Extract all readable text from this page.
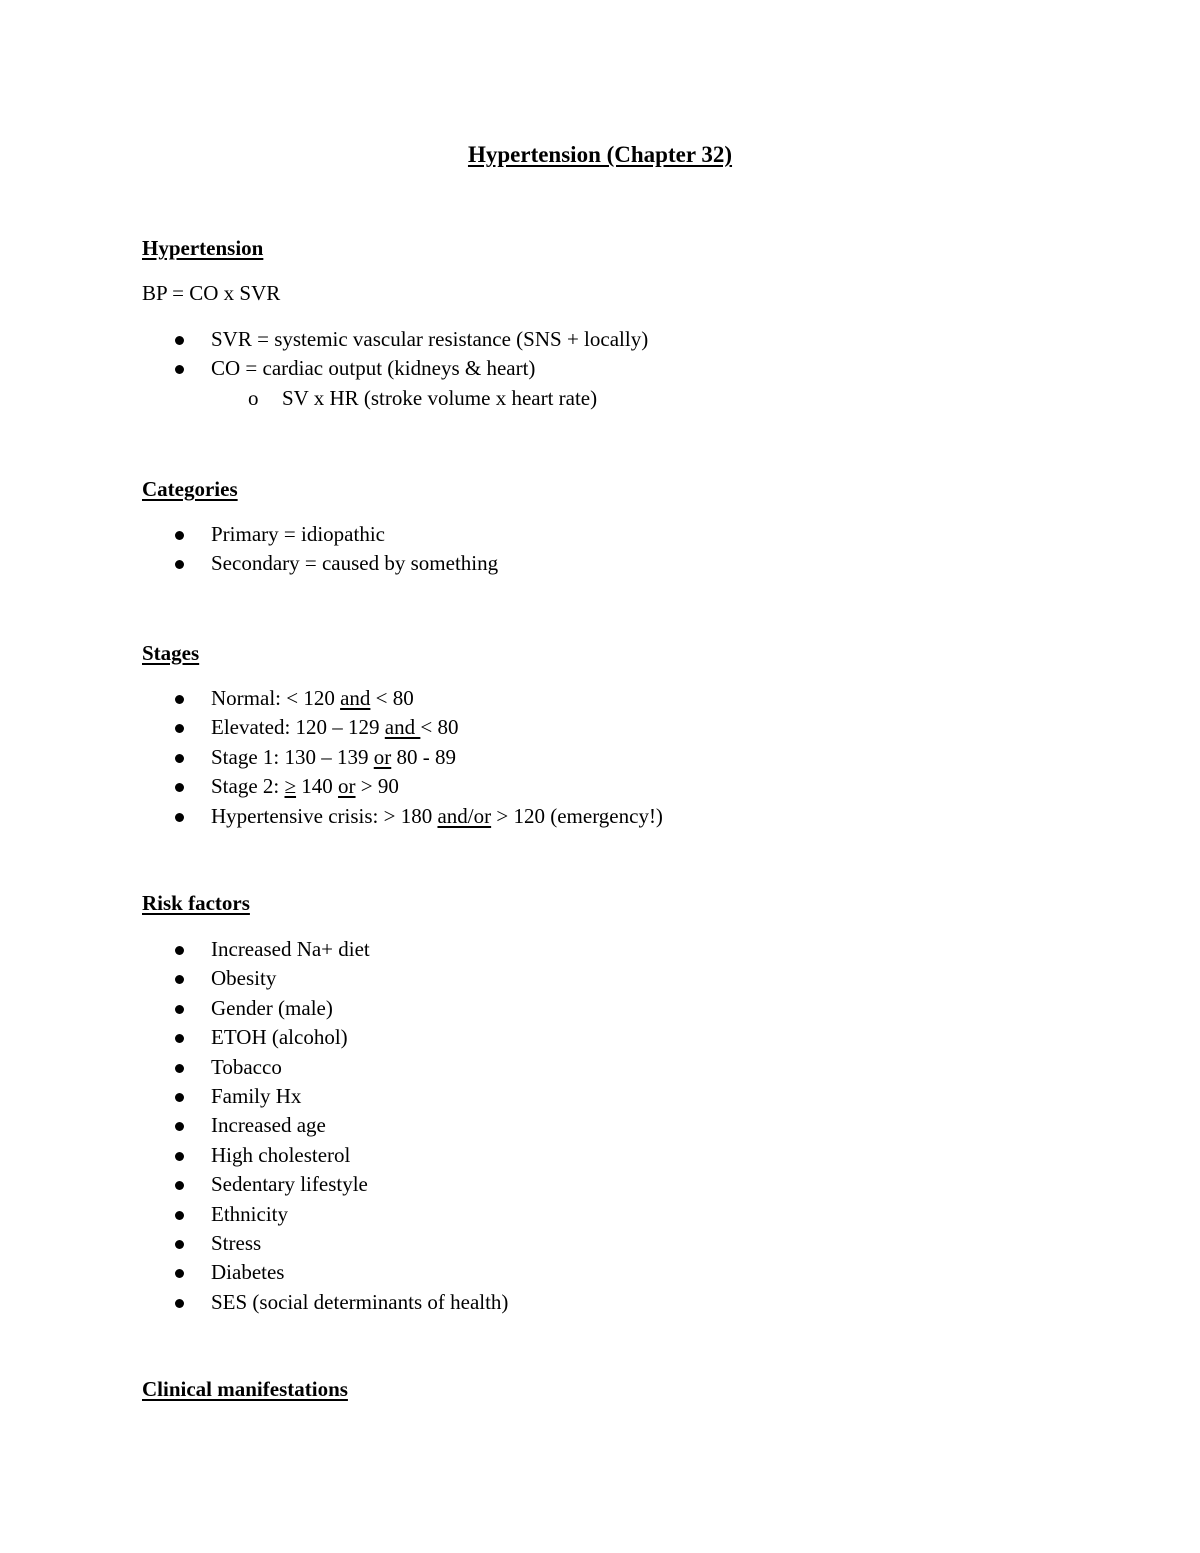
Hypertension (Chapter 32)
Hypertension

BP = CO x SVR

SVR = systemic vascular resistance (SNS + locally)
CO = cardiac output (kidneys & heart)
o SV x HR (stroke volume x heart rate)
Categories
Primary = idiopathic
Secondary = caused by something
Stages
Normal: < 120 and < 80
Elevated: 120 – 129 and < 80
Stage 1: 130 – 139 or 80 - 89
Stage 2: ≥ 140 or > 90
Hypertensive crisis: > 180 and/or > 120 (emergency!)
Risk factors
Increased Na+ diet
Obesity
Gender (male)
ETOH (alcohol)
Tobacco
Family Hx
Increased age
High cholesterol
Sedentary lifestyle
Ethnicity
Stress
Diabetes
SES (social determinants of health)
Clinical manifestations
